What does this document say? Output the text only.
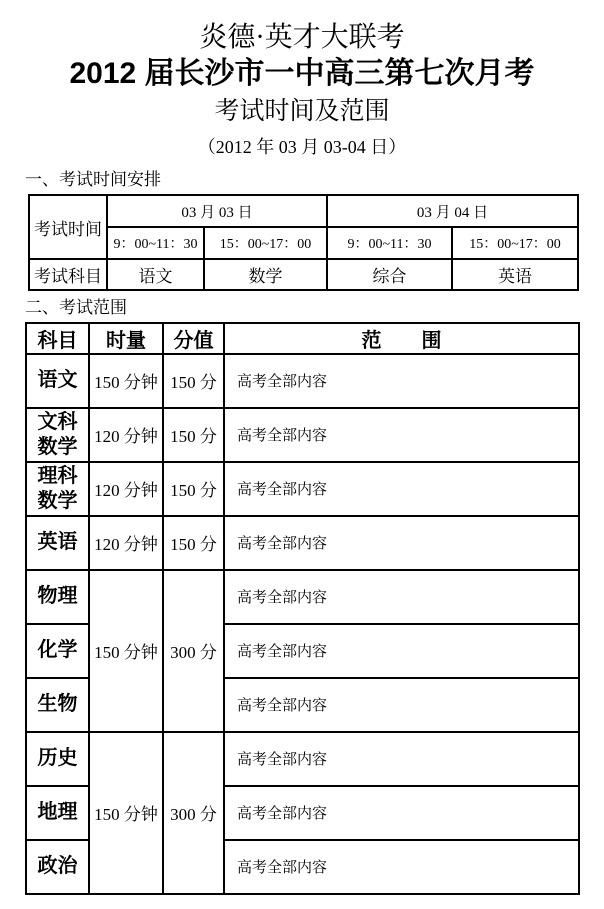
炎德·英才大联考
2012 届长沙市一中高三第七次月考
考试时间及范围
（2012 年 03 月 03-04 日）
一、考试时间安排
考试时间	03 月 03 日		03 月 04 日	
	9：00~11：30	15：00~17：00	9：00~11：30	15：00~17：00
考试科目	语文	数学	综合	英语
二、考试范围
科目	时量	分值	范　　围
语文	150 分钟	150 分	高考全部内容
文科数学	120 分钟	150 分	高考全部内容
理科数学	120 分钟	150 分	高考全部内容
英语	120 分钟	150 分	高考全部内容
物理	150 分钟	300 分	高考全部内容
化学			高考全部内容
生物			高考全部内容
历史	150 分钟	300 分	高考全部内容
地理			高考全部内容
政治			高考全部内容
